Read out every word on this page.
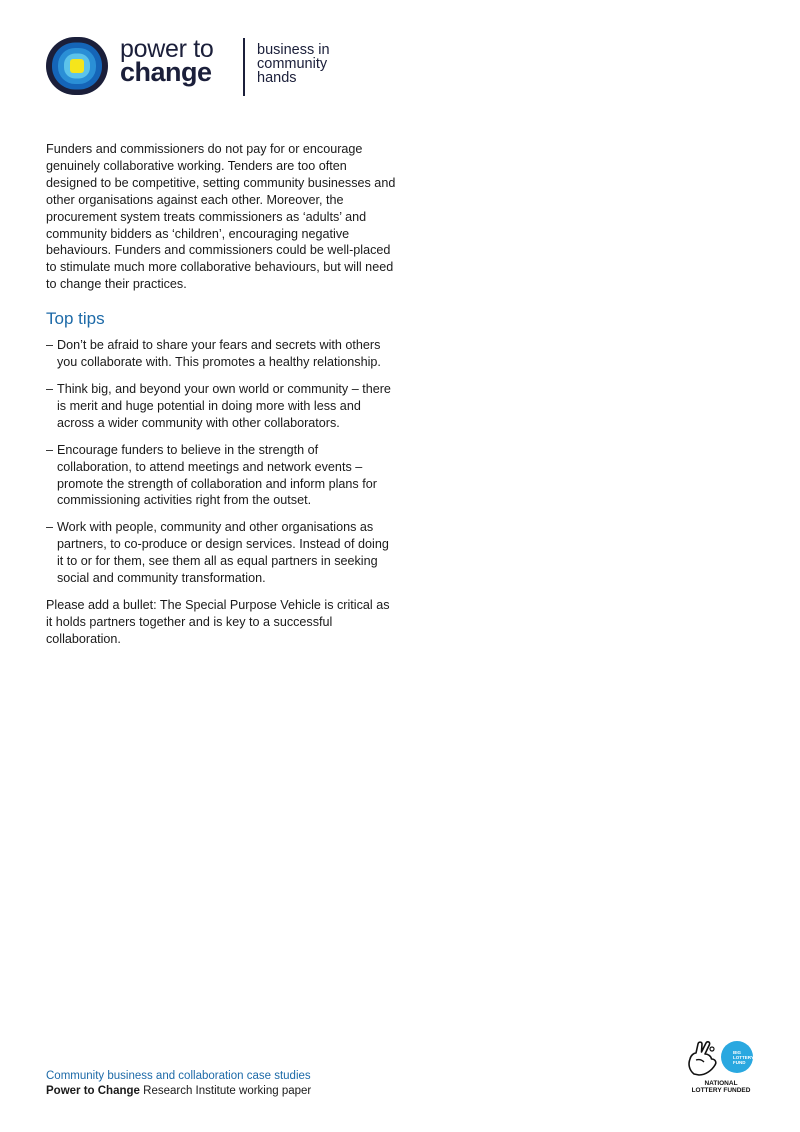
power to
change
business in
community
hands

Funders and commissioners do not pay for or encourage genuinely collaborative working. Tenders are too often designed to be competitive, setting community businesses and other organisations against each other. Moreover, the procurement system treats commissioners as ‘adults’ and community bidders as ‘children’, encouraging negative behaviours. Funders and commissioners could be well-placed to stimulate much more collaborative behaviours, but will need to change their practices.

Top tips
– Don’t be afraid to share your fears and secrets with others you collaborate with. This promotes a healthy relationship.
– Think big, and beyond your own world or community – there is merit and huge potential in doing more with less and across a wider community with other collaborators.
– Encourage funders to believe in the strength of collaboration, to attend meetings and network events – promote the strength of collaboration and inform plans for commissioning activities right from the outset.
– Work with people, community and other organisations as partners, to co-produce or design services. Instead of doing it to or for them, see them all as equal partners in seeking social and community transformation.

Please add a bullet: The Special Purpose Vehicle is critical as it holds partners together and is key to a successful collaboration.

Community business and collaboration case studies
Power to Change Research Institute working paper
BIG LOTTERY FUND
NATIONAL
LOTTERY FUNDED
